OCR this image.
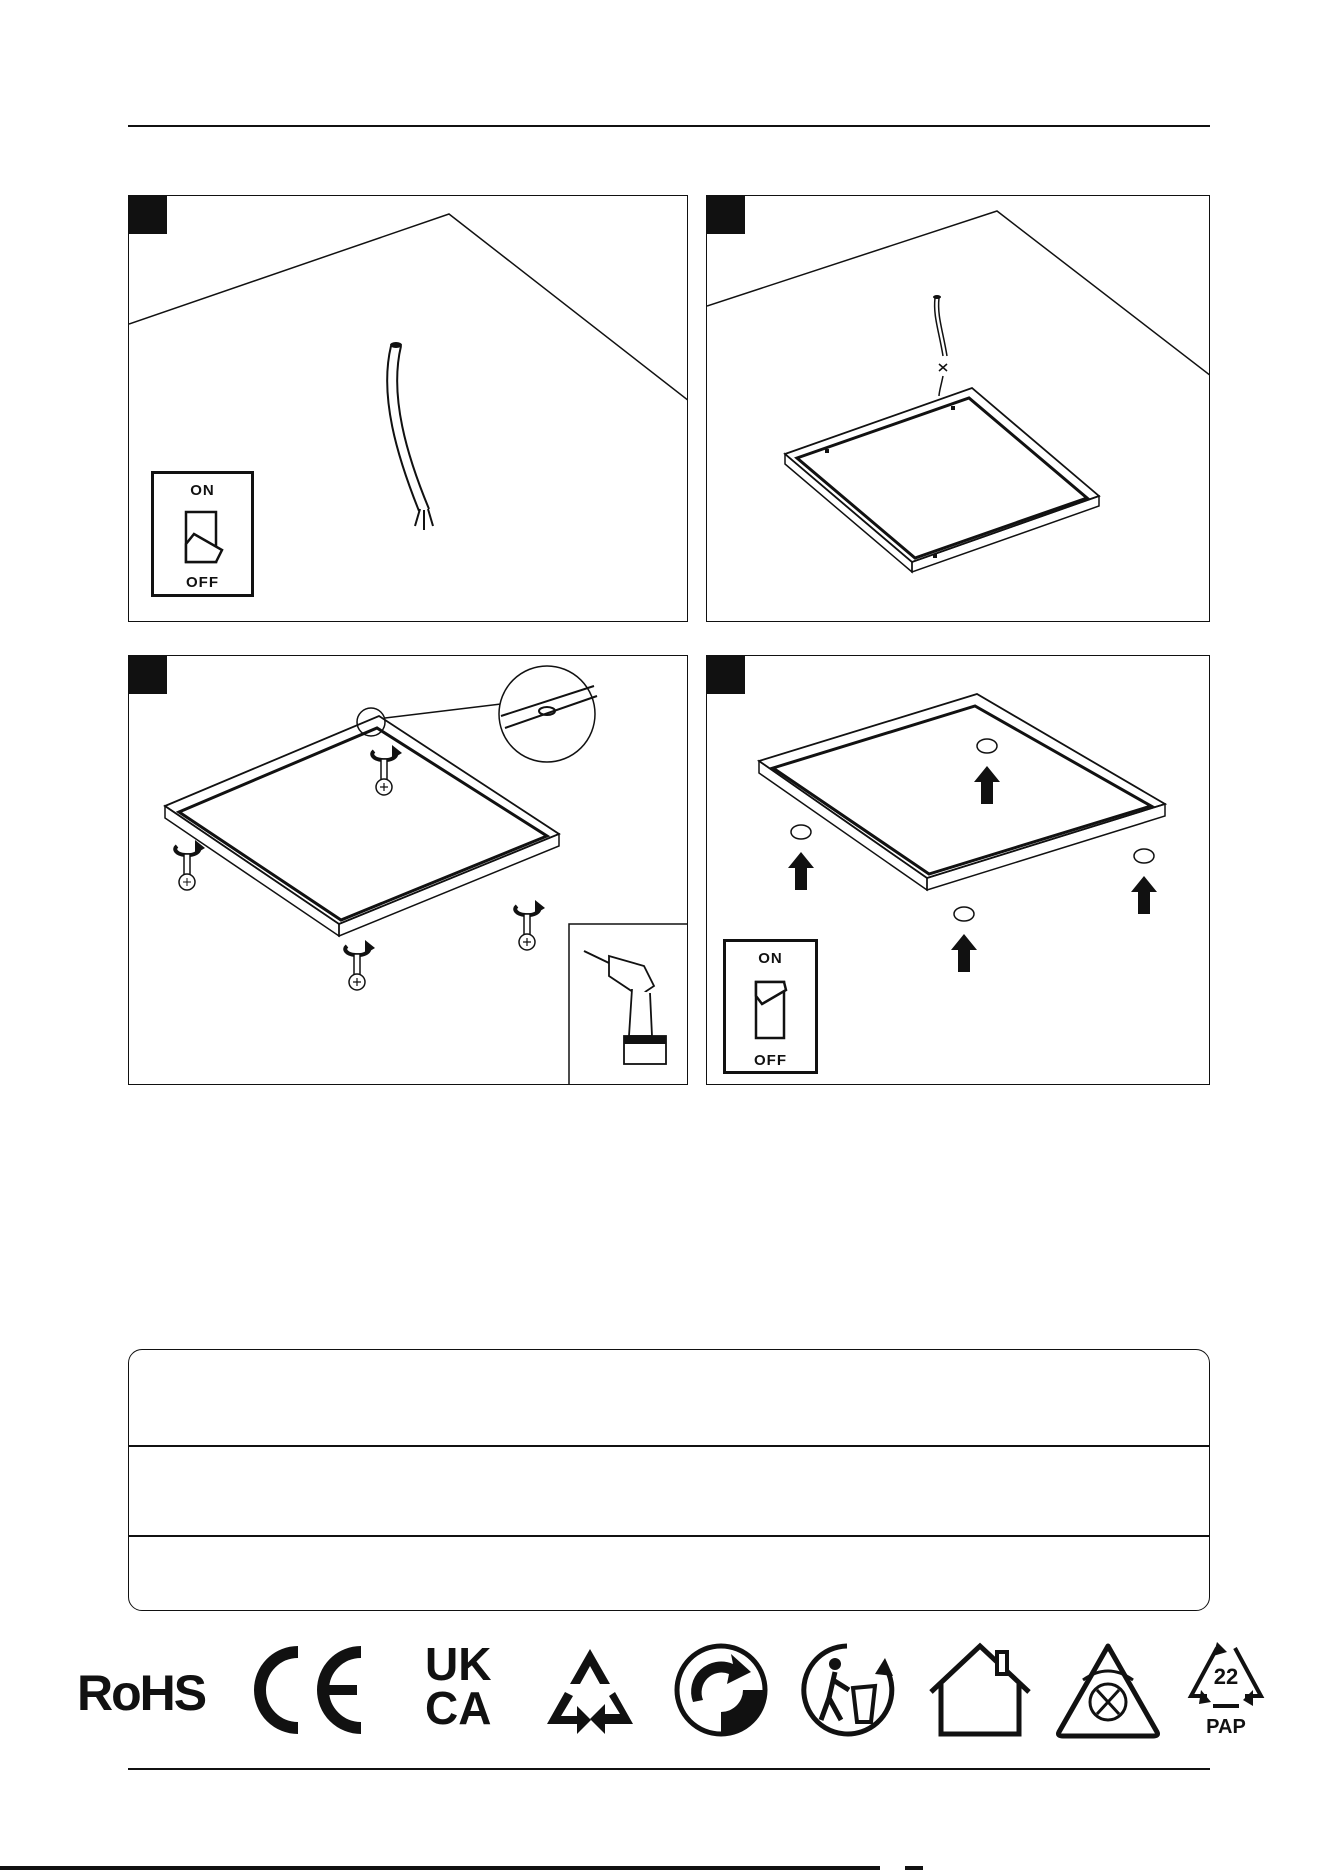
ON
OFF
ON
OFF
RoHS
UK
CA
22
PAP
